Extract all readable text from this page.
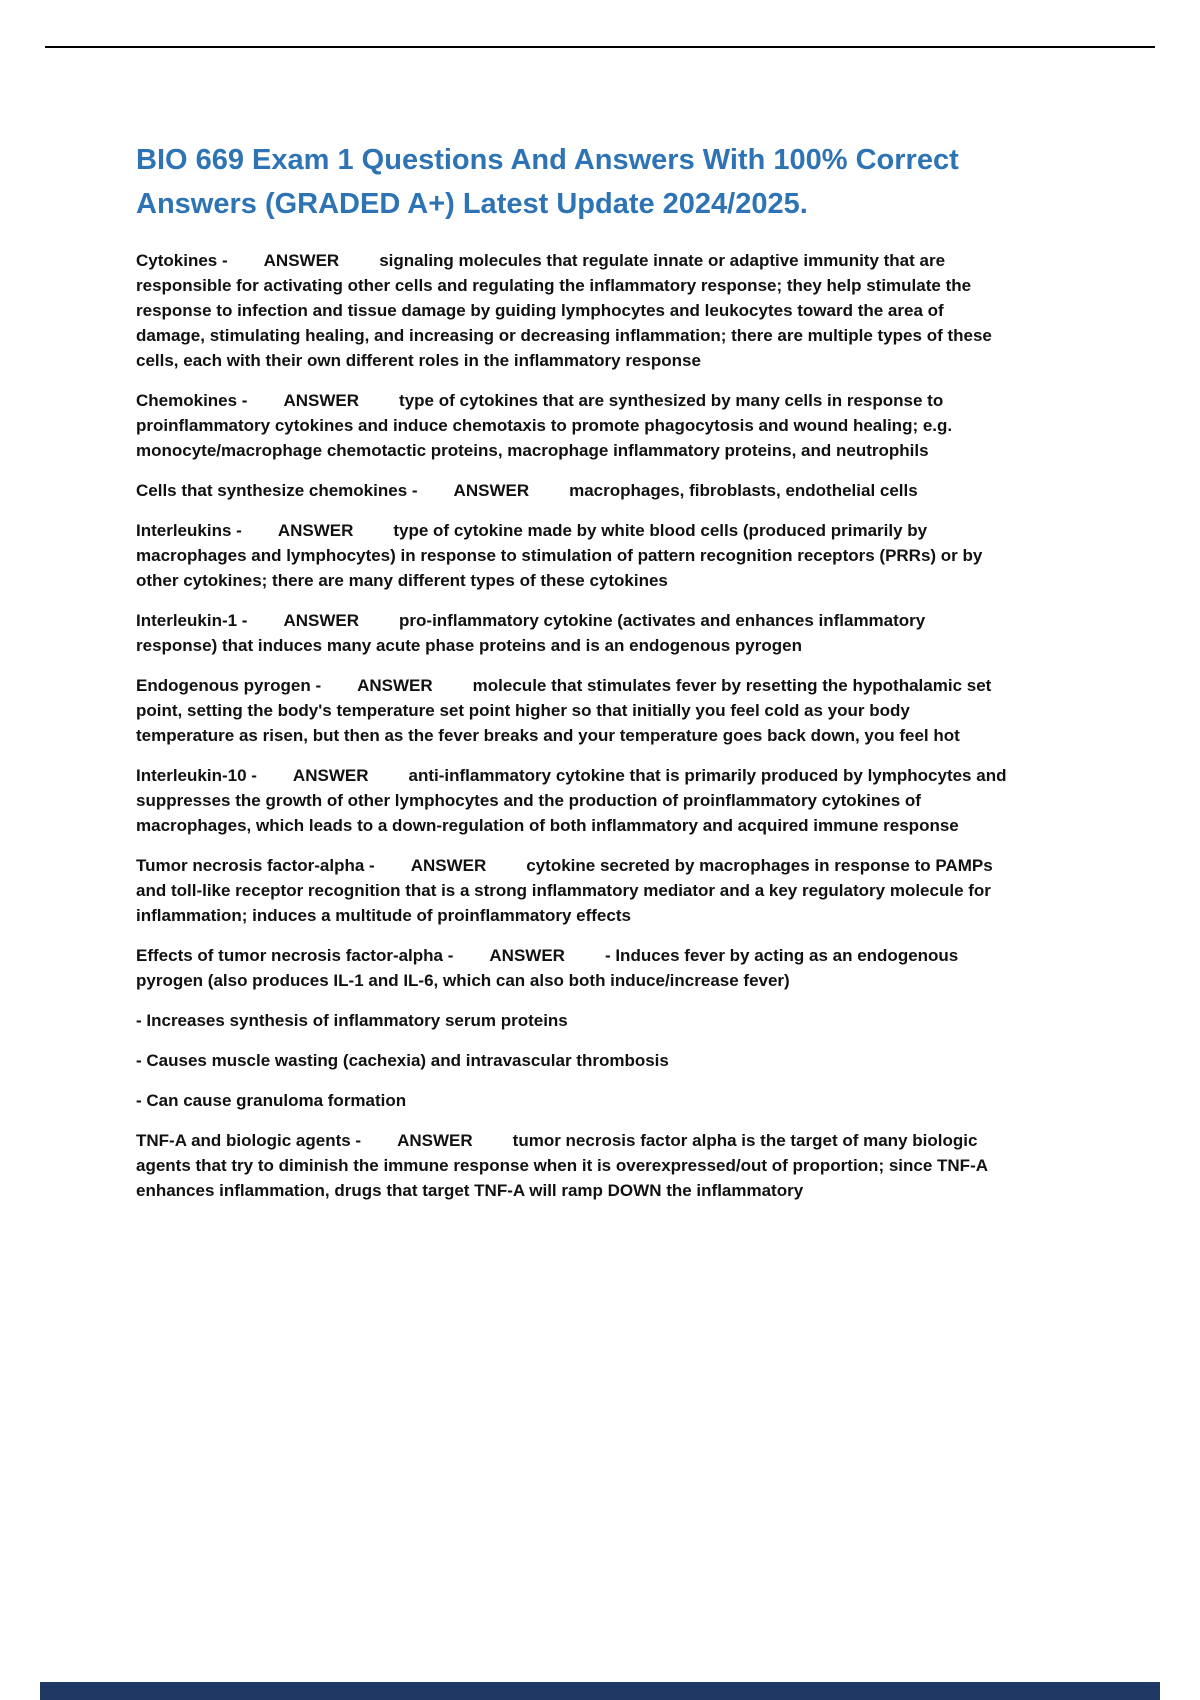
BIO 669 Exam 1 Questions And Answers With 100% Correct Answers (GRADED A+) Latest Update 2024/2025.

Cytokines - ANSWER signaling molecules that regulate innate or adaptive immunity that are responsible for activating other cells and regulating the inflammatory response; they help stimulate the response to infection and tissue damage by guiding lymphocytes and leukocytes toward the area of damage, stimulating healing, and increasing or decreasing inflammation; there are multiple types of these cells, each with their own different roles in the inflammatory response

Chemokines - ANSWER type of cytokines that are synthesized by many cells in response to proinflammatory cytokines and induce chemotaxis to promote phagocytosis and wound healing; e.g. monocyte/macrophage chemotactic proteins, macrophage inflammatory proteins, and neutrophils

Cells that synthesize chemokines - ANSWER macrophages, fibroblasts, endothelial cells

Interleukins - ANSWER type of cytokine made by white blood cells (produced primarily by macrophages and lymphocytes) in response to stimulation of pattern recognition receptors (PRRs) or by other cytokines; there are many different types of these cytokines

Interleukin-1 - ANSWER pro-inflammatory cytokine (activates and enhances inflammatory response) that induces many acute phase proteins and is an endogenous pyrogen

Endogenous pyrogen - ANSWER molecule that stimulates fever by resetting the hypothalamic set point, setting the body's temperature set point higher so that initially you feel cold as your body temperature as risen, but then as the fever breaks and your temperature goes back down, you feel hot

Interleukin-10 - ANSWER anti-inflammatory cytokine that is primarily produced by lymphocytes and suppresses the growth of other lymphocytes and the production of proinflammatory cytokines of macrophages, which leads to a down-regulation of both inflammatory and acquired immune response

Tumor necrosis factor-alpha - ANSWER cytokine secreted by macrophages in response to PAMPs and toll-like receptor recognition that is a strong inflammatory mediator and a key regulatory molecule for inflammation; induces a multitude of proinflammatory effects

Effects of tumor necrosis factor-alpha - ANSWER - Induces fever by acting as an endogenous pyrogen (also produces IL-1 and IL-6, which can also both induce/increase fever)

- Increases synthesis of inflammatory serum proteins

- Causes muscle wasting (cachexia) and intravascular thrombosis

- Can cause granuloma formation

TNF-A and biologic agents - ANSWER tumor necrosis factor alpha is the target of many biologic agents that try to diminish the immune response when it is overexpressed/out of proportion; since TNF-A enhances inflammation, drugs that target TNF-A will ramp DOWN the inflammatory
